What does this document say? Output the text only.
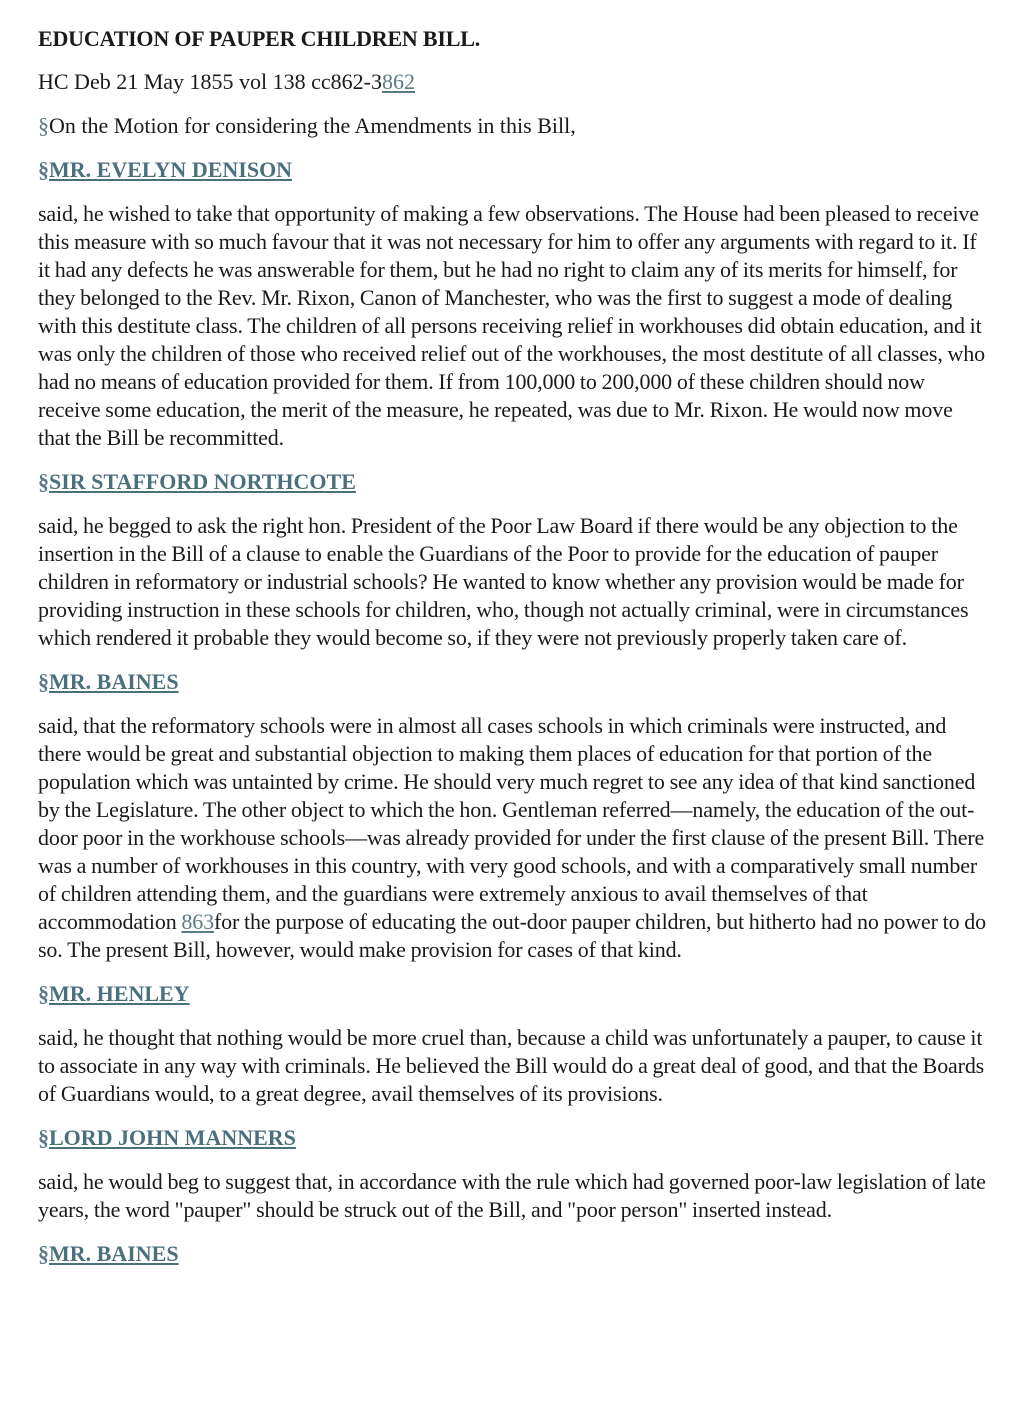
EDUCATION OF PAUPER CHILDREN BILL.

HC Deb 21 May 1855 vol 138 cc862-3862

§On the Motion for considering the Amendments in this Bill,

§MR. EVELYN DENISON

said, he wished to take that opportunity of making a few observations. The House had been pleased to receive this measure with so much favour that it was not necessary for him to offer any arguments with regard to it. If it had any defects he was answerable for them, but he had no right to claim any of its merits for himself, for they belonged to the Rev. Mr. Rixon, Canon of Manchester, who was the first to suggest a mode of dealing with this destitute class. The children of all persons receiving relief in workhouses did obtain education, and it was only the children of those who received relief out of the workhouses, the most destitute of all classes, who had no means of education provided for them. If from 100,000 to 200,000 of these children should now receive some education, the merit of the measure, he repeated, was due to Mr. Rixon. He would now move that the Bill be recommitted.

§SIR STAFFORD NORTHCOTE

said, he begged to ask the right hon. President of the Poor Law Board if there would be any objection to the insertion in the Bill of a clause to enable the Guardians of the Poor to provide for the education of pauper children in reformatory or industrial schools? He wanted to know whether any provision would be made for providing instruction in these schools for children, who, though not actually criminal, were in circumstances which rendered it probable they would become so, if they were not previously properly taken care of.

§MR. BAINES

said, that the reformatory schools were in almost all cases schools in which criminals were instructed, and there would be great and substantial objection to making them places of education for that portion of the population which was untainted by crime. He should very much regret to see any idea of that kind sanctioned by the Legislature. The other object to which the hon. Gentleman referred—namely, the education of the out-door poor in the workhouse schools—was already provided for under the first clause of the present Bill. There was a number of workhouses in this country, with very good schools, and with a comparatively small number of children attending them, and the guardians were extremely anxious to avail themselves of that accommodation 863for the purpose of educating the out-door pauper children, but hitherto had no power to do so. The present Bill, however, would make provision for cases of that kind.

§MR. HENLEY

said, he thought that nothing would be more cruel than, because a child was unfortunately a pauper, to cause it to associate in any way with criminals. He believed the Bill would do a great deal of good, and that the Boards of Guardians would, to a great degree, avail themselves of its provisions.

§LORD JOHN MANNERS

said, he would beg to suggest that, in accordance with the rule which had governed poor-law legislation of late years, the word "pauper" should be struck out of the Bill, and "poor person" inserted instead.

§MR. BAINES
